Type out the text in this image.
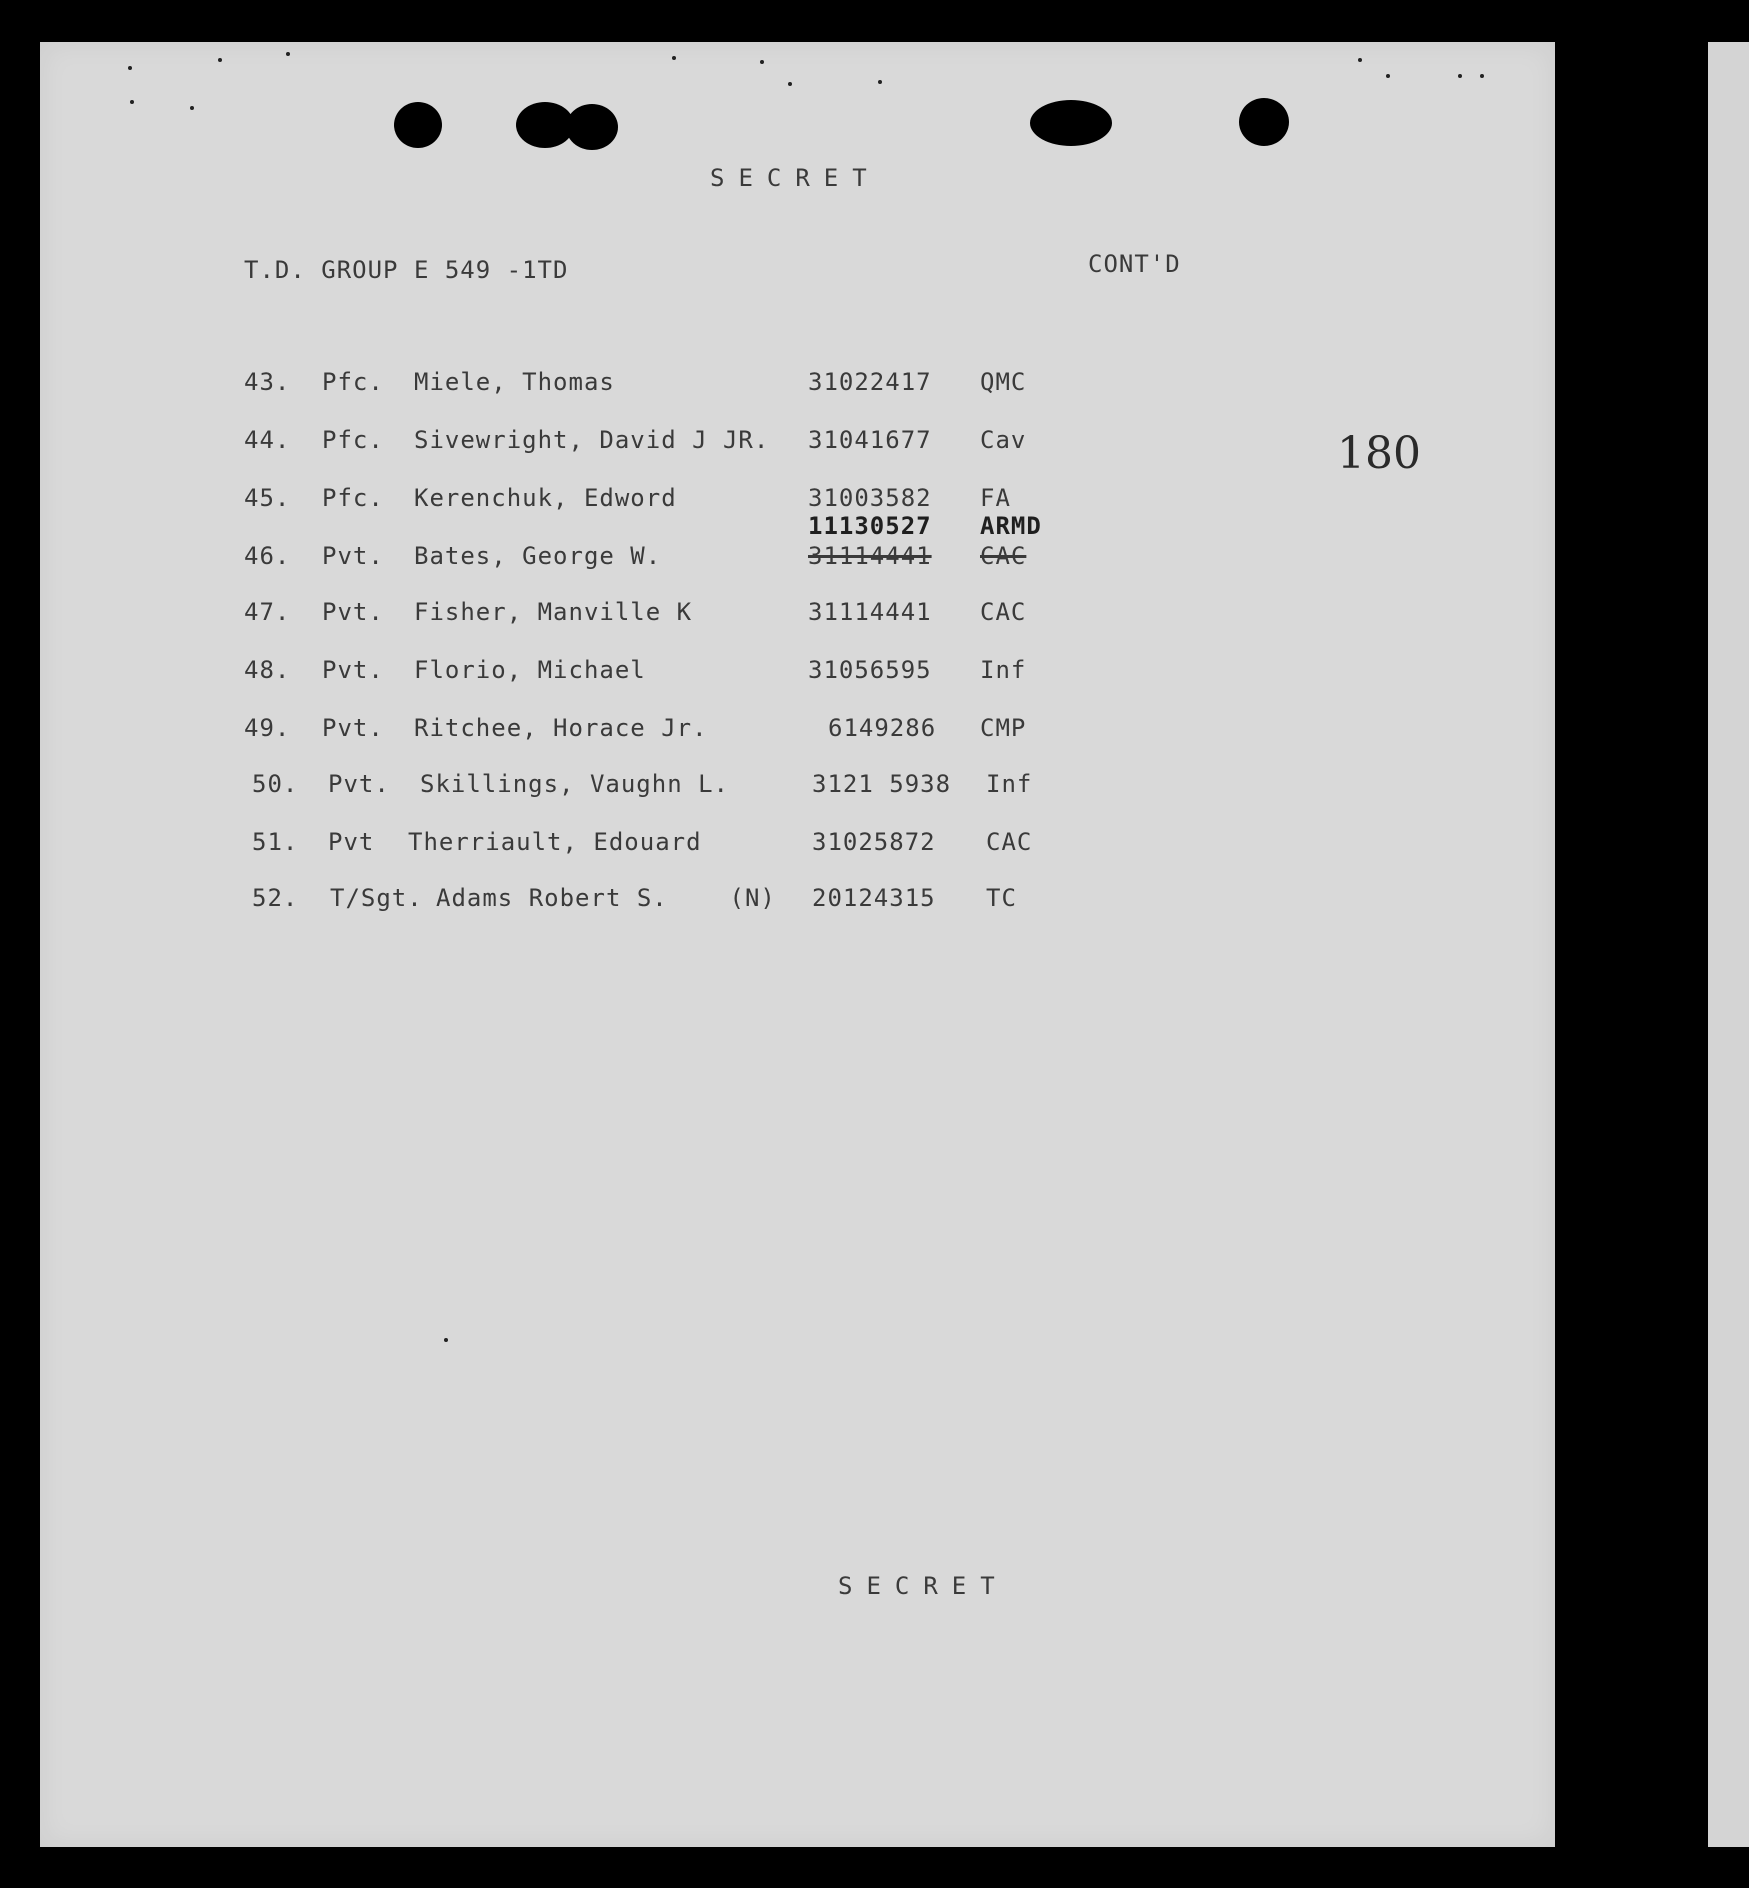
SECRET
T.D. GROUP E 549 -1TD	CONT'D
180
43. Pfc. Miele, Thomas	31022417 QMC
44. Pfc. Sivewright, David J JR. 31041677 Cav
45. Pfc. Kerenchuk, Edword	31003582 FA
11130527 ARMD
46. Pvt. Bates, George W.	31114441 CAC
47. Pvt. Fisher, Manville K	31114441 CAC
48. Pvt. Florio, Michael	31056595 Inf
49. Pvt. Ritchee, Horace Jr.	6149286 CMP
50. Pvt. Skillings, Vaughn L.	3121 5938 Inf
51. Pvt Therriault, Edouard	31025872 CAC
52. T/Sgt. Adams Robert S.    (N) 20124315 TC
SECRET
